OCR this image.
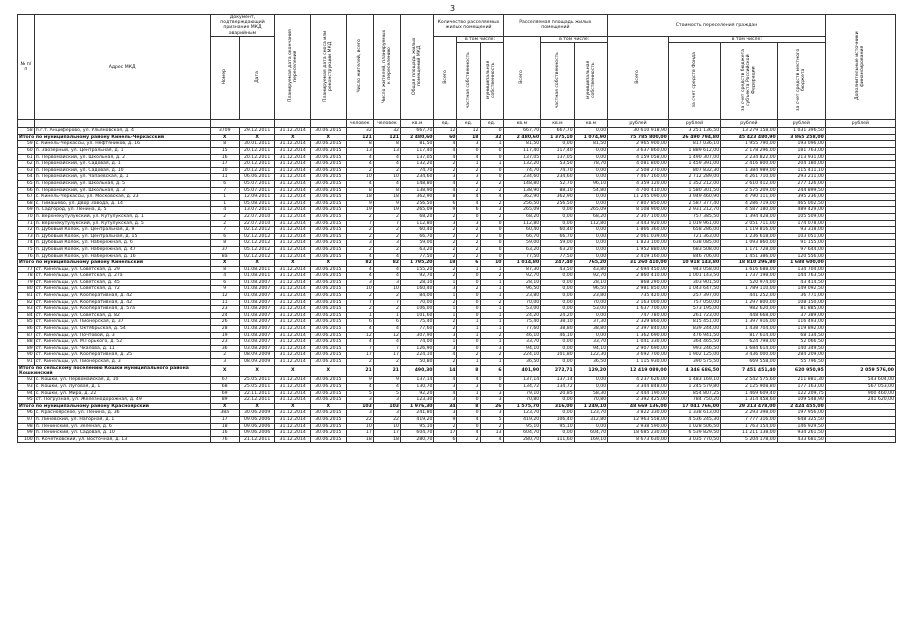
3
№ п/п	Адрес МКД	Документ, подтверждающий признание МКД аварийным		Планируемая дата окончания переселения	Планируемая дата сноса или реконструкции МКД	Число жителей, всего	Число жителей, планируемых к переселению	Общая площадь жилых помещений МКД	Количество расселяемых жилых помещений			Расселяемая площадь жилых помещений			Стоимость переселения граждан				Дополнительные источники финансирования
		Номер	Дата						Всего	в том числе:		Всего	в том числе:		Всего	в том числе:			
										частная собственность	муниципальная собственность		частная собственность	муниципальная собственность		за счет средств Фонда	за счет средств бюджета субъекта Российской Федерации	за счет средств местного бюджета	
						человек	человек	кв.м	ед.	ед.	ед.	кв.м	кв.м	кв.м	рублей	рублей	рублей	рублей	рублей
58	п.г.т. Анциферово, ул. Ульяновская, д. 4	3709	29.12.2011	31.12.2014	30.06.2015	32	32	667,70	12	12	0	667,70	667,70	0,00	30 610 918,90	3 251 136,50	13 279 158,00	1 031 396,50	
Итого по муниципальному району Кинель-Черкасский		X	X	X	X	121	121	2 480,60	60	18	32	2 480,60	1 375,10	1 074,90	75 785 800,00	26 490 794,80	45 423 480,90	3 865 258,00	
59	с. Кинель-Черкассы, ул. Нефтяников, д. 16	8	30.01.2011	31.12.2014	30.06.2015	8	8	81,50	4	3	1	81,50	0,00	81,50	2 965 900,00	817 036,10	1 955 790,00	193 096,00	
60	п. Заозерный, ул. Центральная, д. 1	15	20.12.2011	31.12.2014	30.06.2015	13	13	117,40	4	0	0	117,40	117,40	0,00	3 637 860,00	1 889 612,00	2 178 296,00	181 763,00	
61	п. Первомайский, ул. Школьная, д. 2	16	20.12.2011	31.12.2014	30.06.2015	4	4	137,05	4	4	0	137,05	137,05	0,00	4 159 058,00	1 490 307,00	2 234 822,00	213 931,00	
62	п. Первомайский, ул. Садовая, д. 1	17	20.12.2011	31.12.2014	30.06.2015	4	4	132,20	2	1	1	132,20	53,50	78,70	4 081 800,00	1 459 391,00	2 416 800,00	204 180,00	
63	п. Первомайский, ул. Садовая, д. 10	10	20.12.2011	31.12.2014	30.06.2015	2	2	74,70	2	2	0	74,70	74,70	0,00	2 508 270,00	807 832,30	1 384 989,00	115 411,10	
64	п. Первомайский, ул. Чапаевская, д. 1	11	06.06.2011	31.12.2014	30.06.2015	10	10	234,60	3	3	0	234,60	234,60	0,00	7 467 160,00	2 712 289,00	4 261 710,00	293 211,00	
65	п. Первомайский, ул. Школьная, д. 5	6	05.07.2011	31.12.2014	30.06.2015	4	4	148,80	4	2	2	148,80	52,70	96,10	4 359 120,00	1 352 212,00	2 610 412,00	277 126,00	
66	п. Первомайский, ул. Школьная, д. 3	7	05.07.2011	31.12.2014	30.06.2015	8	8	138,90	4	2	2	138,90	88,10	54,80	4 700 410,00	1 580 301,50	2 575 209,00	244 899,50	
67	с. Кинель-Черкассы, ул. Московская, д. 23	1	12.09.2011	31.12.2014	30.06.2015	18	18	362,90	8	4	4	362,90	362,90	0,00	11 245 090,00	3 949 460,90	4 790 111,00	395 236,00	
68	с. Тимашево, ул. Двор Завода, д. 14	1	05.08.2011	31.12.2014	30.06.2015	9	9	256,50	6	4	2	256,50	256,50	0,00	7 807 850,00	2 587 377,40	4 286 719,00	465 002,50	
69	п. Садгород, ул. Ленина, д. 5	4	13.07.2011	31.12.2014	30.06.2015	19	19	265,09	9	6	3	265,09	0,00	265,09	8 108 900,00	2 931 212,70	4 587 180,00	489 429,00	
70	п. Верхнекутулукский, ул. Кутулукская, д. 1	2	22.07.2010	31.12.2014	30.06.2015	2	2	68,20	2	0	2	68,20	0,00	68,20	2 307 100,00	757 385,50	1 394 428,00	105 509,00	
71	п. Верхнекутулукский, ул. Кутулукская, д. 5	2	22.07.2010	31.12.2014	30.06.2015	7	7	112,80	3	3	0	112,80	0,00	112,80	3 443 920,00	1 019 961,00	2 051 711,00	174 078,00	
72	п. Дубовый Колок, ул. Центральная, д. 9	7	02.12.2012	31.12.2014	30.06.2015	2	2	60,40	2	2	0	60,40	60,40	0,00	1 866 360,00	658 286,00	1 119 816,00	93 318,00	
73	п. Дубовый Колок, ул. Центральная, д. 15	6	02.12.2012	31.12.2014	30.06.2015	2	2	66,70	2	2	0	66,70	66,70	0,00	2 061 039,00	721 363,00	1 236 618,00	103 051,00	
74	п. Дубовый Колок, ул. Набережная, д. 6	8	02.12.2012	31.12.2014	30.06.2015	3	3	59,00	2	2	0	59,00	59,00	0,00	1 823 100,00	638 085,00	1 093 860,00	91 155,00	
75	п. Дубовый Колок, ул. Набережная, д. 47	37	05.12.2012	31.12.2014	30.06.2015	2	2	63,20	2	2	0	63,20	63,20	0,00	1 952 880,00	683 508,00	1 171 728,00	97 644,00	
76	п. Дубовый Колок, ул. Набережная, д. 16	8а	02.12.2012	31.12.2014	30.06.2015	4	4	77,50	2	2	0	77,50	77,50	0,00	2 419 160,00	846 706,00	1 451 386,00	120 556,00	
Итого по муниципальному району Кинельский		X	X	X	X	82	82	1 795,20	18	6	10	1 014,80	247,40	765,20	31 260 410,00	10 918 143,80	18 810 296,80	1 688 600,00	
77	ст. Кинельцы, ул. Советская, д. 29	8	01.08.2011	31.12.2014	30.06.2015	4	4	155,20	2	1	1	87,30	43,50	43,80	2 694 450,00	943 058,00	1 616 688,00	134 704,00	
78	ст. Кинельцы, ул. Советская, д. 27а	4	01.08.2011	31.12.2014	30.06.2015	4	4	92,70	2	0	2	92,70	0,00	92,70	2 860 410,00	1 001 143,50	1 737 198,00	144 763,50	
79	ст. Кинельцы, ул. Советская, д. 45	6	01.08.2007	31.12.2014	30.06.2015	3	3	28,10	1	0	1	28,10	0,00	28,10	868 290,00	303 901,50	520 974,00	43 414,50	
80	ст. Кинельцы, ул. Советская, д. 72	9	01.08.2007	31.12.2014	30.06.2015	10	10	160,40	3	2	1	96,50	0,00	96,50	2 981 850,00	1 043 647,50	1 789 110,00	149 092,50	
81	ст. Кинельцы, ул. Кооперативная, д. 42	12	01.08.2007	31.12.2014	30.06.2015	2	2	84,00	1	0	1	23,80	0,00	23,80	735 420,00	257 397,00	441 252,00	36 771,00	
82	ст. Кинельцы, ул. Кооперативная, д. 42	11	01.08.2007	31.12.2014	30.06.2015	7	7	70,00	2	0	2	70,00	0,00	70,00	2 163 000,00	757 050,00	1 297 800,00	108 150,00	
83	ст. Кинельцы, ул. Кооперативная, д. 57а	23	01.08.2007	31.12.2014	30.06.2015	2	2	106,00	1	0	1	53,00	0,00	53,00	1 637 700,00	573 195,00	982 620,00	81 885,00	
84	ст. Кинельцы, ул. Советская, д. 82	24	01.08.2007	31.12.2014	30.06.2015	1	1	101,60	1	0	1	24,20	24,20	0,00	747 780,00	261 723,00	448 668,00	37 389,00	
85	ст. Кинельцы, ул. Пионерская, д. 37	26	01.08.2007	31.12.2014	30.06.2015	6	6	75,40	2	1	1	75,40	38,10	37,30	2 329 860,00	815 451,00	1 397 916,00	116 493,00	
86	ст. Кинельцы, ул. Октябрьская, д. 54	28	01.08.2007	31.12.2014	30.06.2015	4	4	77,60	2	1	1	77,60	38,80	38,80	2 397 840,00	839 244,00	1 438 704,00	119 892,00	
87	ст. Кинельцы, ул. Почтовой, д. 3	19	01.08.2007	31.12.2014	30.06.2015	12	12	307,90	3	1	2	46,10	46,10	0,00	1 362 690,00	476 941,50	817 614,00	68 134,50	
88	ст. Кинельцы, ул. М.Горького, д. 52	23	03.08.2007	31.12.2014	30.06.2015	4	4	74,00	1	0	1	33,70	0,00	33,70	1 041 330,00	364 465,50	624 798,00	52 066,50	
89	ст. Кинельцы, ул. Чкалова, д. 11	36	03.08.2007	31.12.2014	30.06.2015	7	7	126,90	3	0	3	94,10	0,00	94,10	2 907 690,00	993 246,50	1 684 614,00	140 349,50	
90	ст. Кинельцы, ул. Кооперативная, д. 25	2	08.09.2009	31.12.2014	30.06.2015	17	17	224,10	4	2	2	224,10	101,80	122,30	3 692 700,00	1 902 125,00	3 436 000,00	284 209,00	
91	ст. Кинельцы, ул. Пионерская, д. 3	3	08.09.2009	31.12.2014	30.06.2015	2	2	50,80	2	1	1	36,50	0,00	36,50	1 115 930,00	390 575,50	669 558,00	55 796,50	
Итого по сельскому поселению Кошки муниципального района Кошкинский		X	X	X	X	21	21	490,30	14	8	6	401,90	272,71	129,20	12 419 089,00	4 346 686,50	7 451 451,40	620 950,95	2 059 576,00
92	с. Кошки, ул. Первомайская, д. 10	67	25.05.2011	31.12.2014	30.06.2015	9	9	137,14	4	4	0	137,14	137,14	0,00	4 237 626,00	1 483 169,10	2 542 575,60	211 881,30	543 604,00
93	с. Кошки, ул. Луговая, д. 1	68	25.05.2011	31.12.2014	30.06.2015	4	4	130,70	3	3	0	134,72	134,72	0,00	3 344 848,00	1 245 579,80	2 125 908,80	177 163,00	567 053,00
94	с. Кошки, ул. Мира, д. 22	69	22.11.2011	31.12.2014	30.06.2015	5	5	92,20	4	1	3	79,10	20,85	58,30	2 444 190,00	854 807,25	1 469 609,40	122 209,75	900 460,00
95	ст. Погрузная, ул. Железнодорожная, д. 49	89	22.12.2011	31.12.2014	30.06.2015	3	3	123,30	3	0	3	70,80	0,00	70,80	2 392 425,00	784 750,20	1 314 458,60	109 548,90	241 620,00
Итого по муниципальному району Красноярский		X	X	X	X	103	103	1 976,30	34	8	26	1 575,70	316,00	1 249,10	48 669 136,00	17 041 766,00	29 213 478,00	2 424 455,00	
96	с. Красноярское, ул. Ленина, д. 36	38а	30.06.2009	31.12.2014	30.06.2015	3	3	241,80	3	0	3	123,70	0,00	123,70	3 822 330,00	1 338 613,00	2 293 398,00	197 956,00	
97	п. Линёвский, ул. Нагорная, д. 1	17	09.06.2006	31.12.2014	30.06.2015	22	22	419,20	9	4	5	419,20	106,40	312,80	12 963 558,00	4 536 245,30	7 777 316,00	648 325,50	
98	п. Ленинский, ул. Зеленая, д. 6	18	09.06.2006	31.12.2014	30.06.2015	10	10	95,10	2	0	2	95,10	95,10	0,00	2 938 590,00	1 028 506,50	1 763 154,00	146 929,50	
99	п. Ленинский, ул. Садовая, д. 10	16	09.06.2006	31.12.2014	30.06.2015	17	17	604,70	17	4	13	604,70	0,00	604,70	18 685 230,00	6 539 829,50	11 211 138,00	934 261,50	
100	п. Кочетковский, ул. Восточная, д. 13	76	21.12.2011	31.12.2014	30.06.2015	18	18	280,70	6	2	4	280,70	111,60	169,10	8 673 630,00	3 035 770,50	5 204 178,00	433 681,50	
